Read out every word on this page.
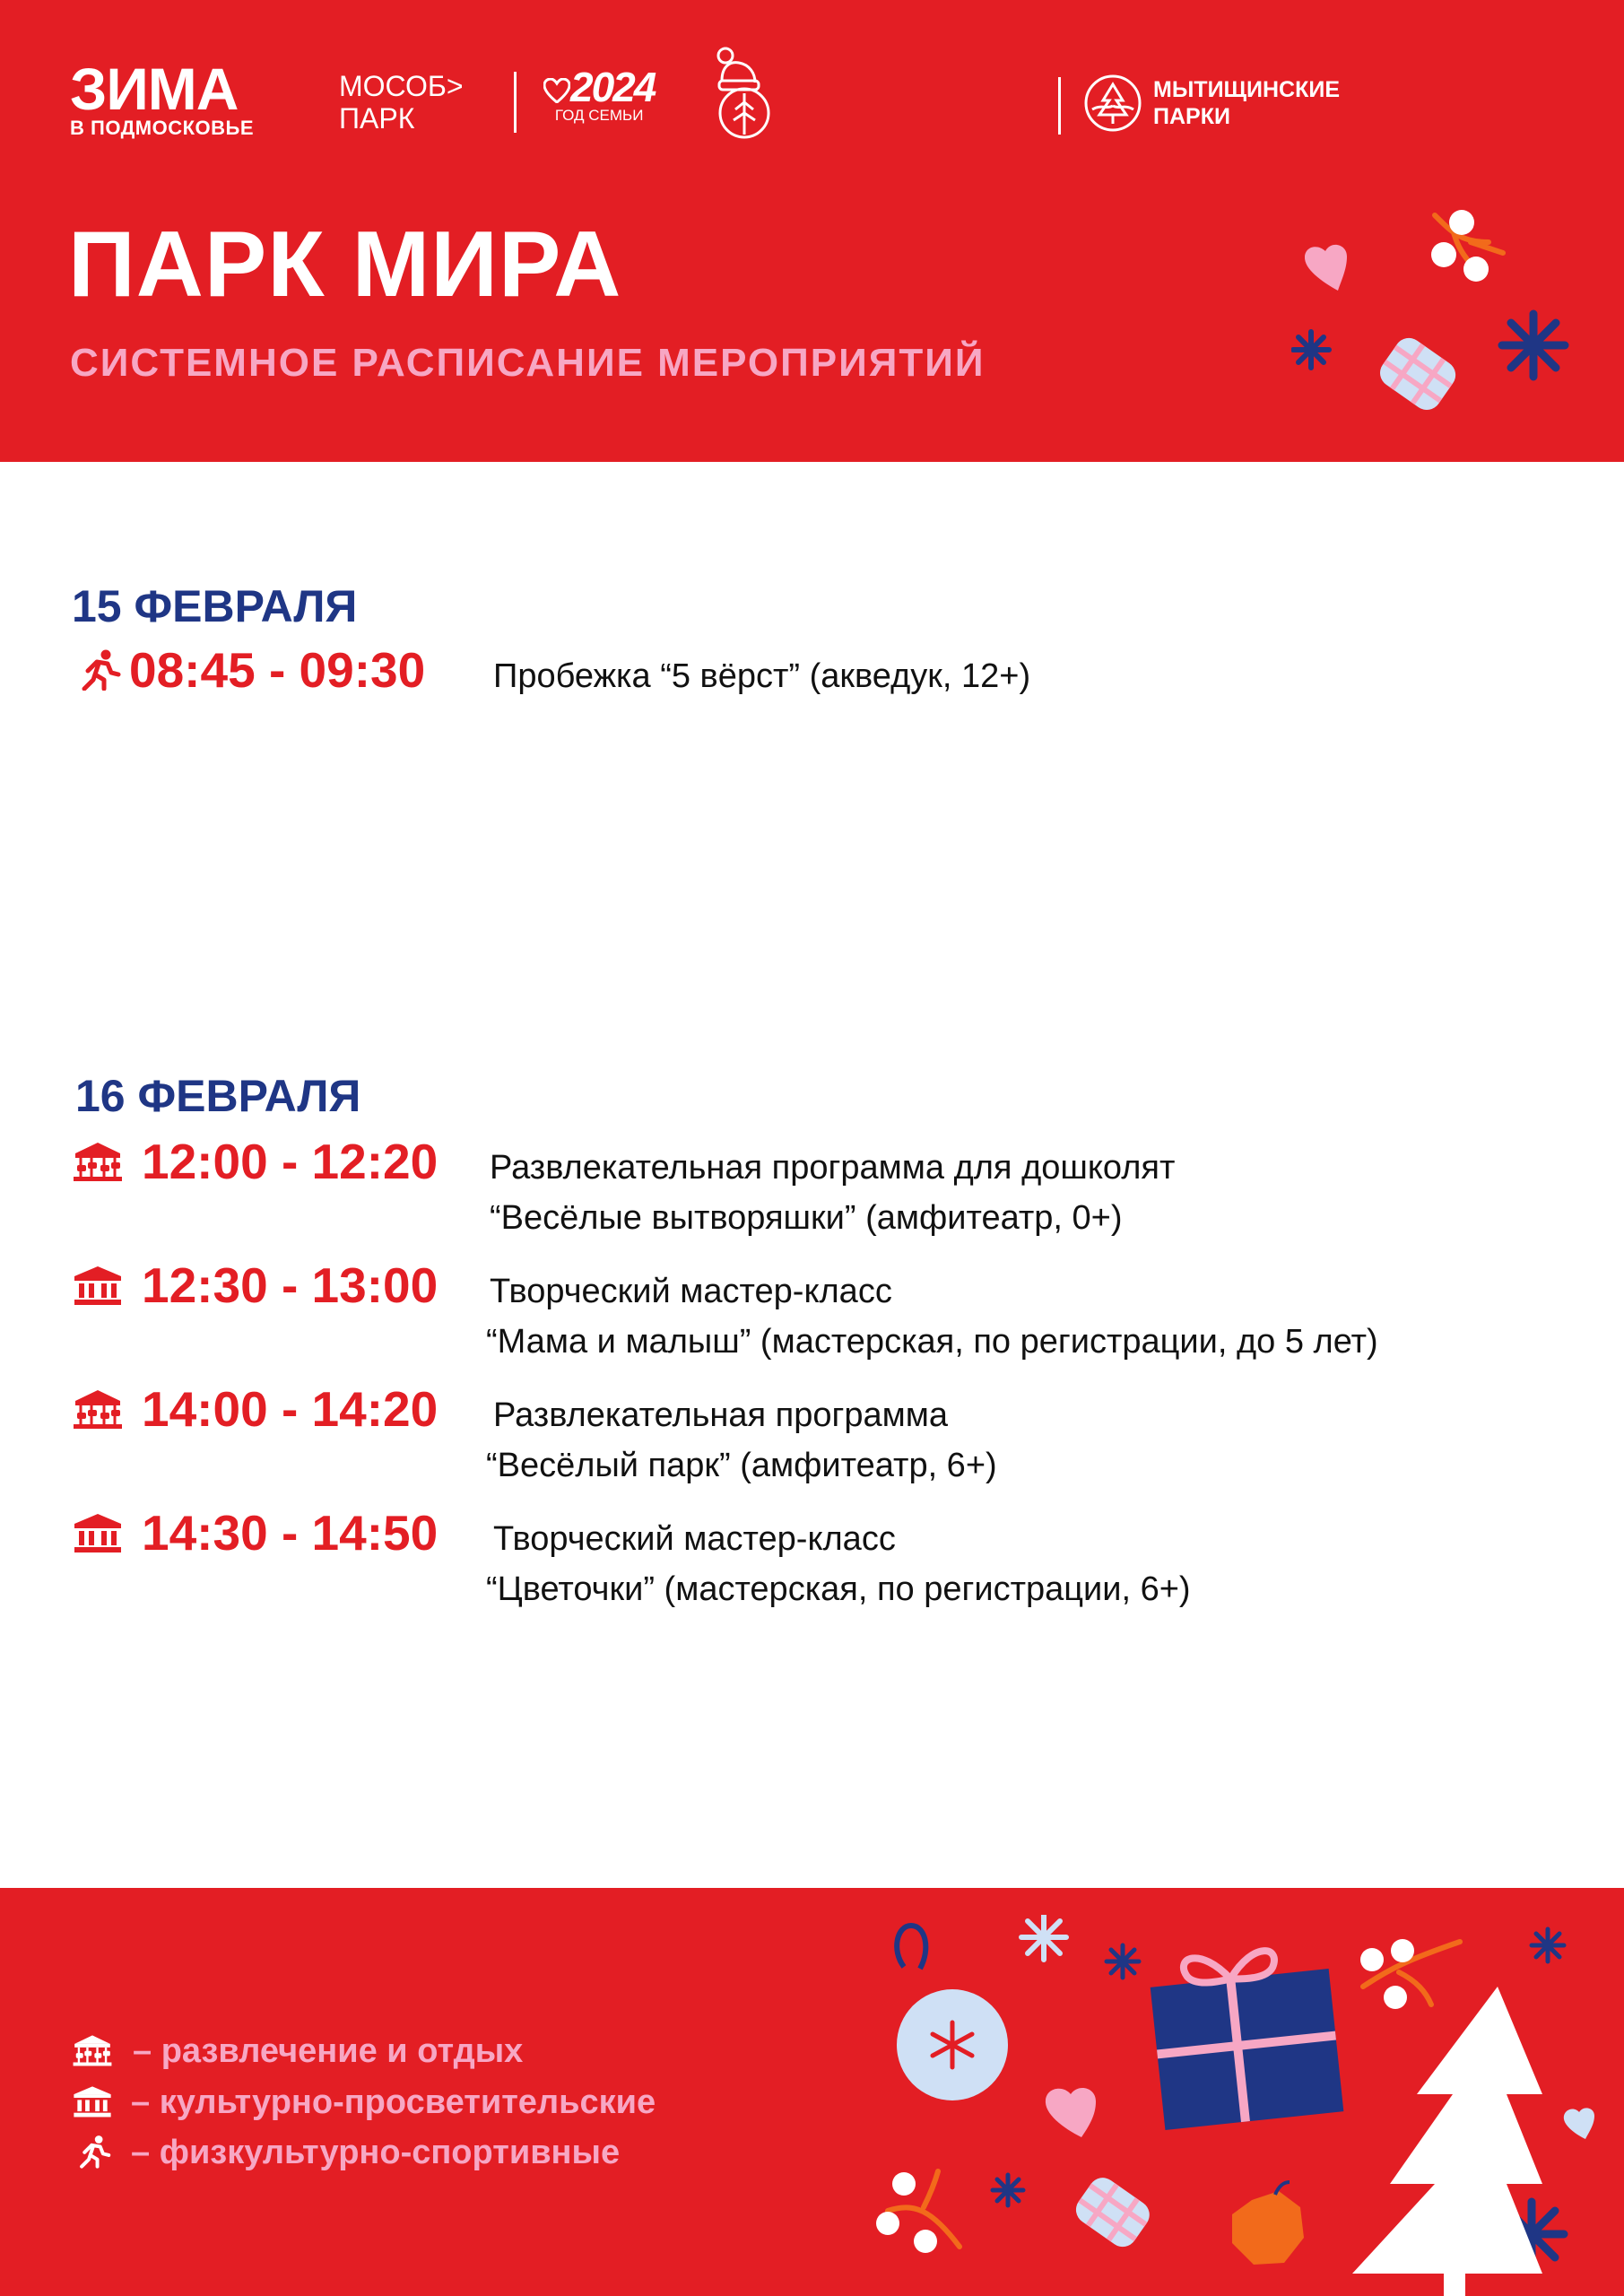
ЗИМА
В ПОДМОСКОВЬЕ
МОСОБ>
ПАРК
2024
ГОД СЕМЬИ
МЫТИЩИНСКИЕ
ПАРКИ
ПАРК МИРА
СИСТЕМНОЕ РАСПИСАНИЕ МЕРОПРИЯТИЙ
15 ФЕВРАЛЯ
08:45 - 09:30 Пробежка “5 вёрст” (акведук, 12+)
16 ФЕВРАЛЯ
12:00 - 12:20 Развлекательная программа для дошколят
“Весёлые вытворяшки” (амфитеатр, 0+)
12:30 - 13:00 Творческий мастер-класс
“Мама и малыш” (мастерская, по регистрации, до 5 лет)
14:00 - 14:20 Развлекательная программа
“Весёлый парк” (амфитеатр, 6+)
14:30 - 14:50 Творческий мастер-класс
“Цветочки” (мастерская, по регистрации, 6+)
– развлечение и отдых
– культурно-просветительские
– физкультурно-спортивные
